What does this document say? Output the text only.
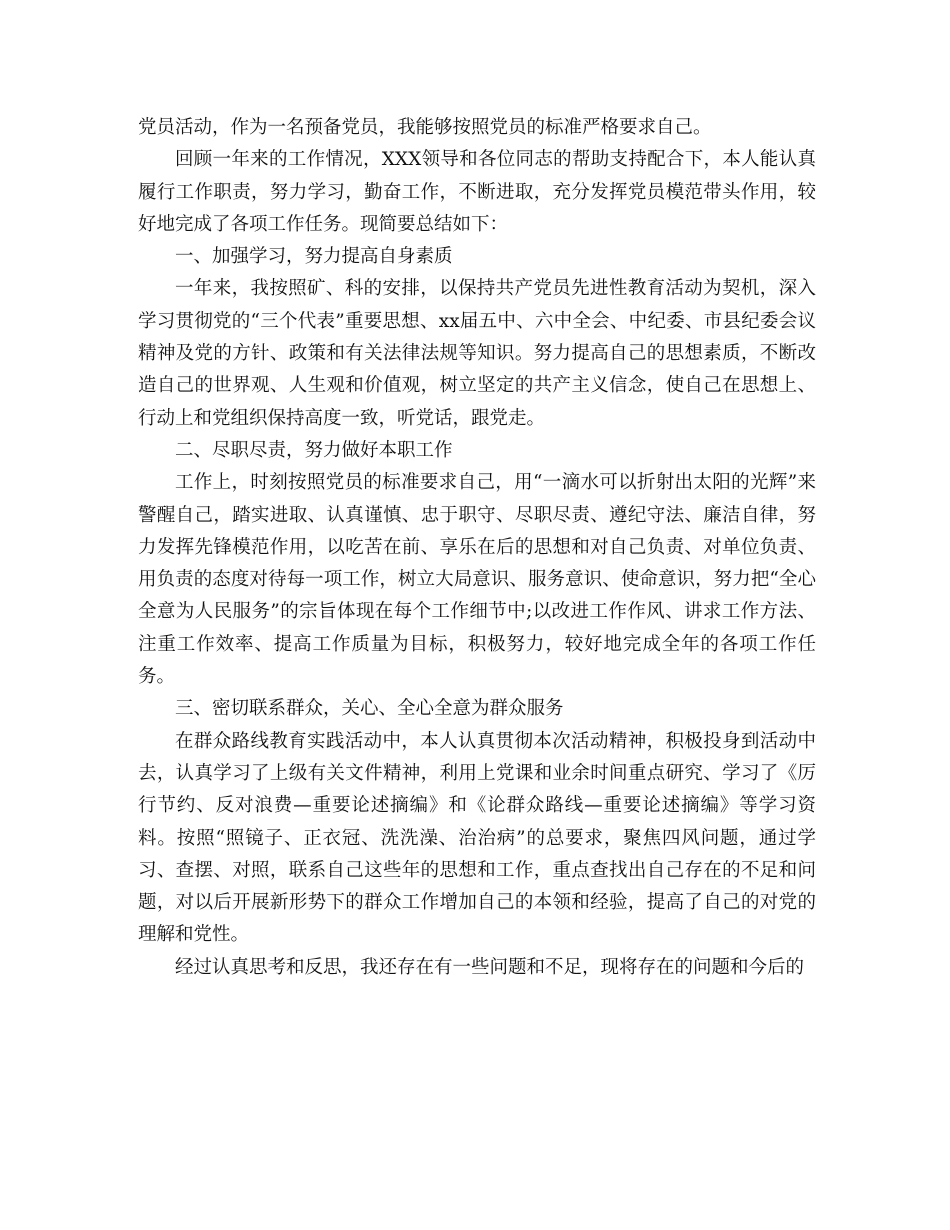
党员活动，作为一名预备党员，我能够按照党员的标准严格要求自己。

回顾一年来的工作情况，XXX领导和各位同志的帮助支持配合下，本人能认真履行工作职责，努力学习，勤奋工作，不断进取，充分发挥党员模范带头作用，较好地完成了各项工作任务。现简要总结如下：

一、加强学习，努力提高自身素质

一年来，我按照矿、科的安排，以保持共产党员先进性教育活动为契机，深入学习贯彻党的“三个代表”重要思想、xx届五中、六中全会、中纪委、市县纪委会议精神及党的方针、政策和有关法律法规等知识。努力提高自己的思想素质，不断改造自己的世界观、人生观和价值观，树立坚定的共产主义信念，使自己在思想上、行动上和党组织保持高度一致，听党话，跟党走。

二、尽职尽责，努力做好本职工作

工作上，时刻按照党员的标准要求自己，用“一滴水可以折射出太阳的光辉”来警醒自己，踏实进取、认真谨慎、忠于职守、尽职尽责、遵纪守法、廉洁自律，努力发挥先锋模范作用，以吃苦在前、享乐在后的思想和对自己负责、对单位负责、用负责的态度对待每一项工作，树立大局意识、服务意识、使命意识，努力把“全心全意为人民服务”的宗旨体现在每个工作细节中;以改进工作作风、讲求工作方法、注重工作效率、提高工作质量为目标，积极努力，较好地完成全年的各项工作任务。

三、密切联系群众，关心、全心全意为群众服务

在群众路线教育实践活动中，本人认真贯彻本次活动精神，积极投身到活动中去，认真学习了上级有关文件精神，利用上党课和业余时间重点研究、学习了《厉行节约、反对浪费—重要论述摘编》和《论群众路线—重要论述摘编》等学习资料。按照“照镜子、正衣冠、洗洗澡、治治病”的总要求，聚焦四风问题，通过学习、查摆、对照，联系自己这些年的思想和工作，重点查找出自己存在的不足和问题，对以后开展新形势下的群众工作增加自己的本领和经验，提高了自己的对党的理解和党性。

经过认真思考和反思，我还存在有一些问题和不足，现将存在的问题和今后的
